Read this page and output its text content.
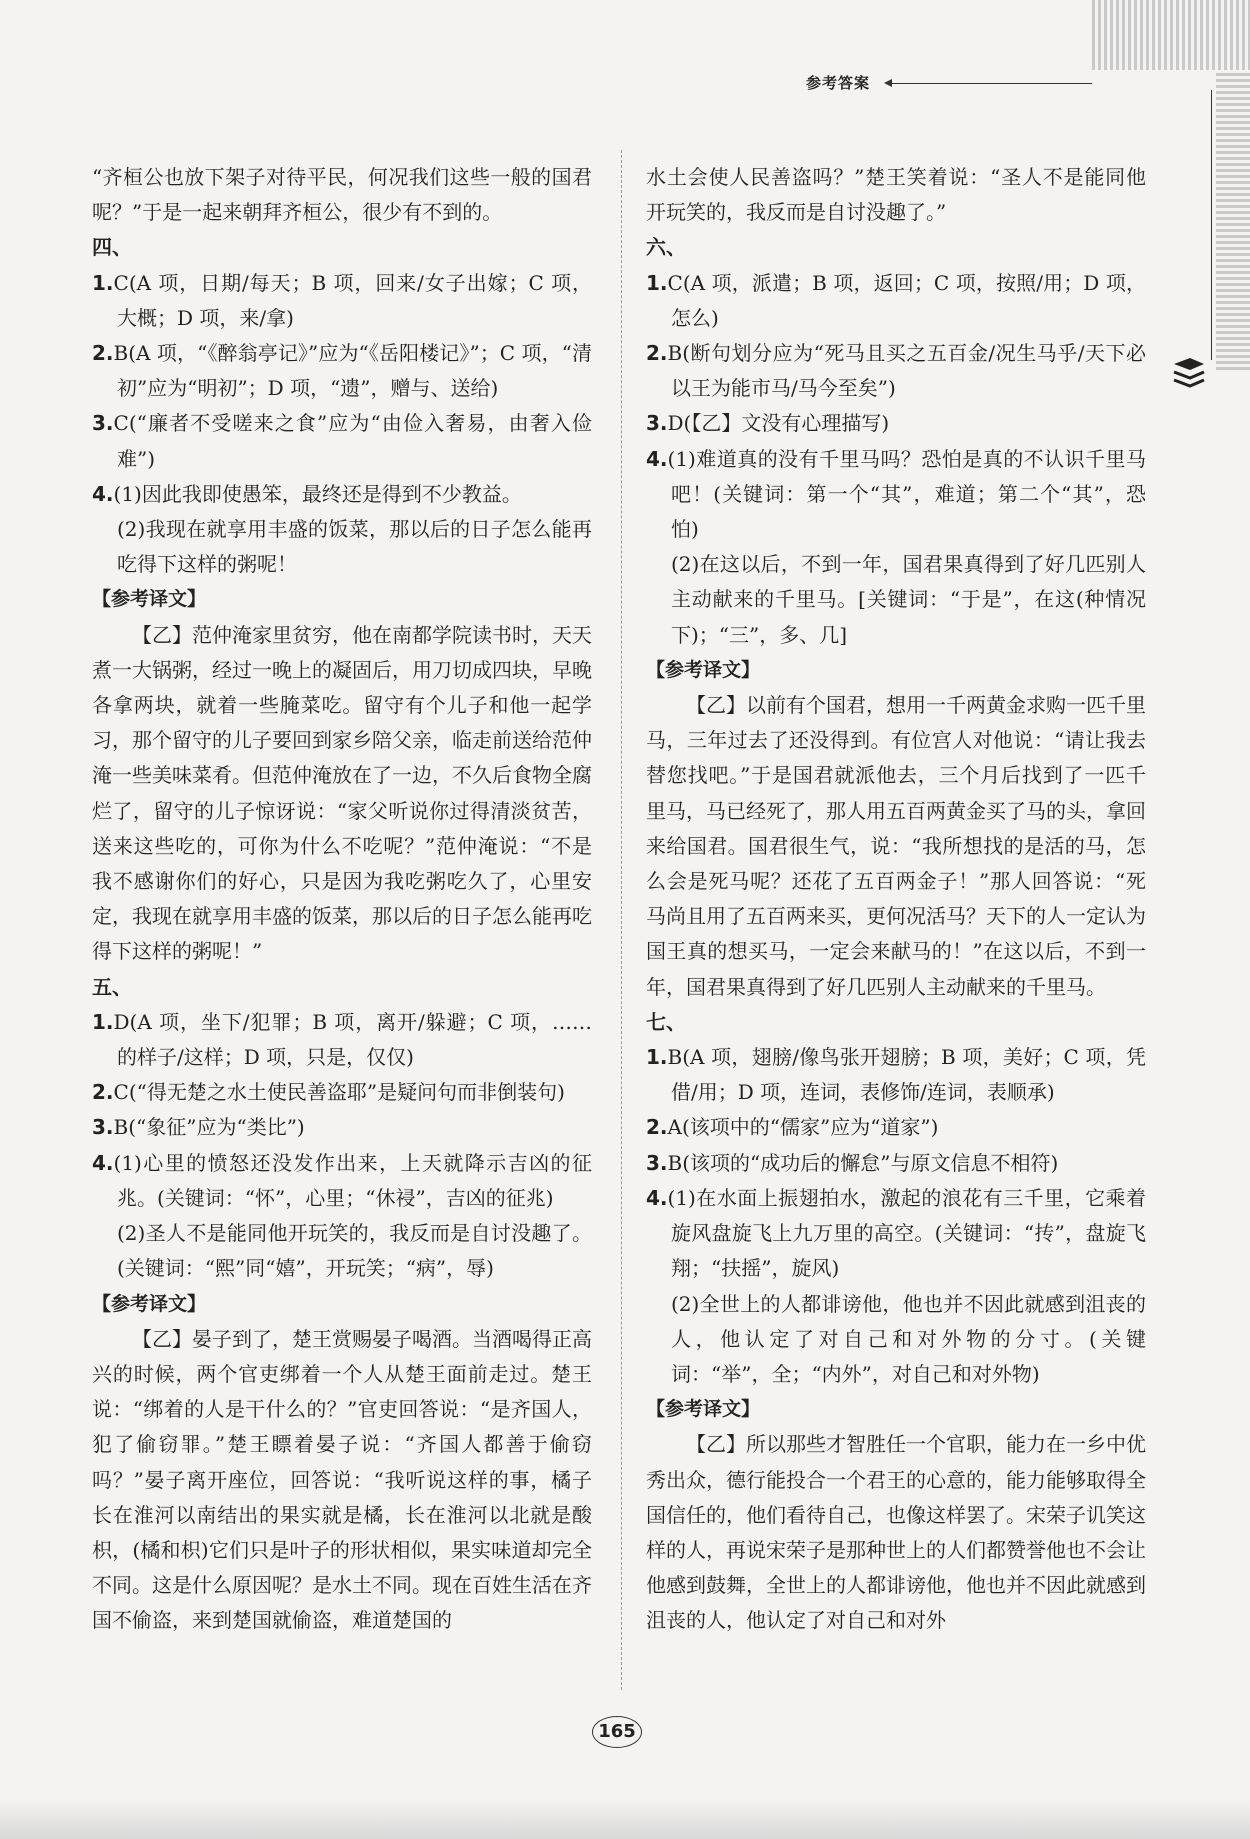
参考答案

“齐桓公也放下架子对待平民，何况我们这些一般的国君呢？”于是一起来朝拜齐桓公，很少有不到的。

四、

1.C(A 项，日期/每天；B 项，回来/女子出嫁；C 项，大概；D 项，来/拿)

2.B(A 项，“《醉翁亭记》”应为“《岳阳楼记》”；C 项，“清初”应为“明初”；D 项，“遗”，赠与、送给)

3.C(“廉者不受嗟来之食”应为“由俭入奢易，由奢入俭难”)

4.(1)因此我即使愚笨，最终还是得到不少教益。

(2)我现在就享用丰盛的饭菜，那以后的日子怎么能再吃得下这样的粥呢！

【 参考译文 】

【乙】范仲淹家里贫穷，他在南都学院读书时，天天煮一大锅粥，经过一晚上的凝固后，用刀切成四块，早晚各拿两块，就着一些腌菜吃。留守有个儿子和他一起学习，那个留守的儿子要回到家乡陪父亲，临走前送给范仲淹一些美味菜肴。但范仲淹放在了一边，不久后食物全腐烂了，留守的儿子惊讶说：“家父听说你过得清淡贫苦，送来这些吃的，可你为什么不吃呢？”范仲淹说：“不是我不感谢你们的好心，只是因为我吃粥吃久了，心里安定，我现在就享用丰盛的饭菜，那以后的日子怎么能再吃得下这样的粥呢！”

五、

1.D(A 项，坐下/犯罪；B 项，离开/躲避；C 项，……的样子/这样；D 项，只是，仅仅)

2.C(“得无楚之水土使民善盗耶”是疑问句而非倒装句)

3.B(“象征”应为“类比”)

4.(1)心里的愤怒还没发作出来，上天就降示吉凶的征兆。(关键词：“怀”，心里；“休祲”，吉凶的征兆)

(2)圣人不是能同他开玩笑的，我反而是自讨没趣了。(关键词：“熙”同“嬉”，开玩笑；“病”，辱)

【 参考译文 】

【乙】晏子到了，楚王赏赐晏子喝酒。当酒喝得正高兴的时候，两个官吏绑着一个人从楚王面前走过。楚王说：“绑着的人是干什么的？”官吏回答说：“是齐国人，犯了偷窃罪。”楚王瞟着晏子说：“齐国人都善于偷窃吗？”晏子离开座位，回答说：“我听说这样的事，橘子长在淮河以南结出的果实就是橘，长在淮河以北就是酸枳，(橘和枳)它们只是叶子的形状相似，果实味道却完全不同。这是什么原因呢？是水土不同。现在百姓生活在齐国不偷盗，来到楚国就偷盗，难道楚国的

水土会使人民善盗吗？”楚王笑着说：“圣人不是能同他开玩笑的，我反而是自讨没趣了。”

六、

1.C(A 项，派遣；B 项，返回；C 项，按照/用；D 项，怎么)

2.B(断句划分应为“死马且买之五百金/况生马乎/天下必以王为能市马/马今至矣”)

3.D(【乙】文没有心理描写)

4.(1)难道真的没有千里马吗？恐怕是真的不认识千里马吧！(关键词：第一个“其”，难道；第二个“其”，恐怕)

(2)在这以后，不到一年，国君果真得到了好几匹别人主动献来的千里马。[关键词：“于是”，在这(种情况下)；“三”，多、几]

【 参考译文 】

【乙】以前有个国君，想用一千两黄金求购一匹千里马，三年过去了还没得到。有位宫人对他说：“请让我去替您找吧。”于是国君就派他去，三个月后找到了一匹千里马，马已经死了，那人用五百两黄金买了马的头，拿回来给国君。国君很生气，说：“我所想找的是活的马，怎么会是死马呢？还花了五百两金子！”那人回答说：“死马尚且用了五百两来买，更何况活马？天下的人一定认为国王真的想买马，一定会来献马的！”在这以后，不到一年，国君果真得到了好几匹别人主动献来的千里马。

七、

1.B(A 项，翅膀/像鸟张开翅膀；B 项，美好；C 项，凭借/用；D 项，连词，表修饰/连词，表顺承)

2.A(该项中的“儒家”应为“道家”)

3.B(该项的“成功后的懈怠”与原文信息不相符)

4.(1)在水面上振翅拍水，激起的浪花有三千里，它乘着旋风盘旋飞上九万里的高空。(关键词：“抟”，盘旋飞翔；“扶摇”，旋风)

(2)全世上的人都诽谤他，他也并不因此就感到沮丧的人，他认定了对自己和对外物的分寸。(关键词：“举”，全；“内外”，对自己和对外物)

【 参考译文 】

【乙】所以那些才智胜任一个官职，能力在一乡中优秀出众，德行能投合一个君王的心意的，能力能够取得全国信任的，他们看待自己，也像这样罢了。宋荣子讥笑这样的人，再说宋荣子是那种世上的人们都赞誉他也不会让他感到鼓舞，全世上的人都诽谤他，他也并不因此就感到沮丧的人，他认定了对自己和对外

165
